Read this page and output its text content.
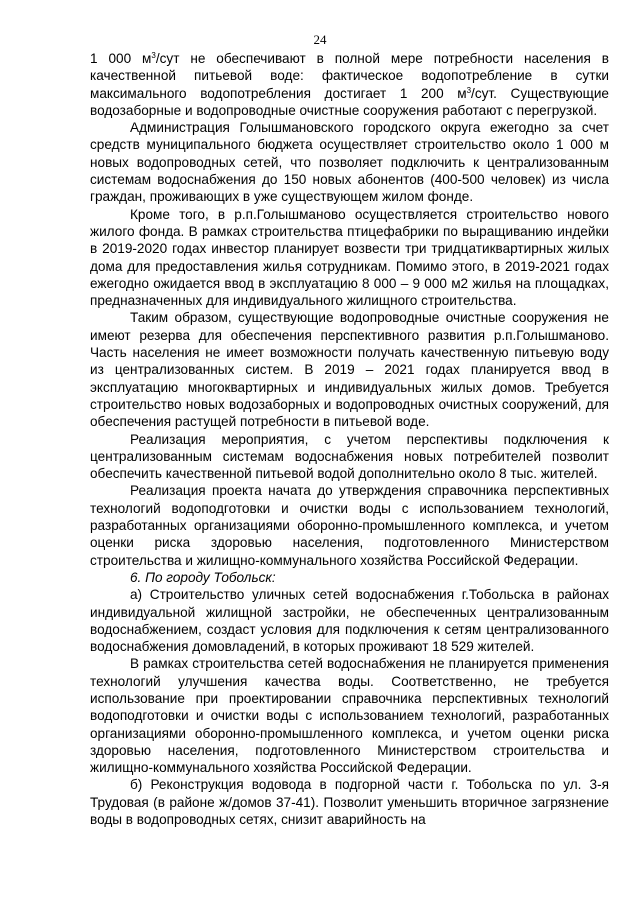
24

1 000 $м^3$/сут не обеспечивают в полной мере потребности населения в качественной питьевой воде: фактическое водопотребление в сутки максимального водопотребления достигает 1 200 $м^3$/сут. Существующие водозаборные и водопроводные очистные сооружения работают с перегрузкой.

Администрация Голышмановского городского округа ежегодно за счет средств муниципального бюджета осуществляет строительство около 1 000 м новых водопроводных сетей, что позволяет подключить к централизованным системам водоснабжения до 150 новых абонентов (400-500 человек) из числа граждан, проживающих в уже существующем жилом фонде.

Кроме того, в р.п.Голышманово осуществляется строительство нового жилого фонда. В рамках строительства птицефабрики по выращиванию индейки в 2019-2020 годах инвестор планирует возвести три тридцатиквартирных жилых дома для предоставления жилья сотрудникам. Помимо этого, в 2019-2021 годах ежегодно ожидается ввод в эксплуатацию 8 000 – 9 000 м2 жилья на площадках, предназначенных для индивидуального жилищного строительства.

Таким образом, существующие водопроводные очистные сооружения не имеют резерва для обеспечения перспективного развития р.п.Голышманово. Часть населения не имеет возможности получать качественную питьевую воду из централизованных систем. В 2019 – 2021 годах планируется ввод в эксплуатацию многоквартирных и индивидуальных жилых домов. Требуется строительство новых водозаборных и водопроводных очистных сооружений, для обеспечения растущей потребности в питьевой воде.

Реализация мероприятия, с учетом перспективы подключения к централизованным системам водоснабжения новых потребителей позволит обеспечить качественной питьевой водой дополнительно около 8 тыс. жителей.

Реализация проекта начата до утверждения справочника перспективных технологий водоподготовки и очистки воды с использованием технологий, разработанных организациями оборонно-промышленного комплекса, и учетом оценки риска здоровью населения, подготовленного Министерством строительства и жилищно-коммунального хозяйства Российской Федерации.

6. По городу Тобольск:

а) Строительство уличных сетей водоснабжения г.Тобольска в районах индивидуальной жилищной застройки, не обеспеченных централизованным водоснабжением, создаст условия для подключения к сетям централизованного водоснабжения домовладений, в которых проживают 18 529 жителей.

В рамках строительства сетей водоснабжения не планируется применения технологий улучшения качества воды. Соответственно, не требуется использование при проектировании справочника перспективных технологий водоподготовки и очистки воды с использованием технологий, разработанных организациями оборонно-промышленного комплекса, и учетом оценки риска здоровью населения, подготовленного Министерством строительства и жилищно-коммунального хозяйства Российской Федерации.

б) Реконструкция водовода в подгорной части г. Тобольска по ул. 3-я Трудовая (в районе ж/домов 37-41). Позволит уменьшить вторичное загрязнение воды в водопроводных сетях, снизит аварийность на
